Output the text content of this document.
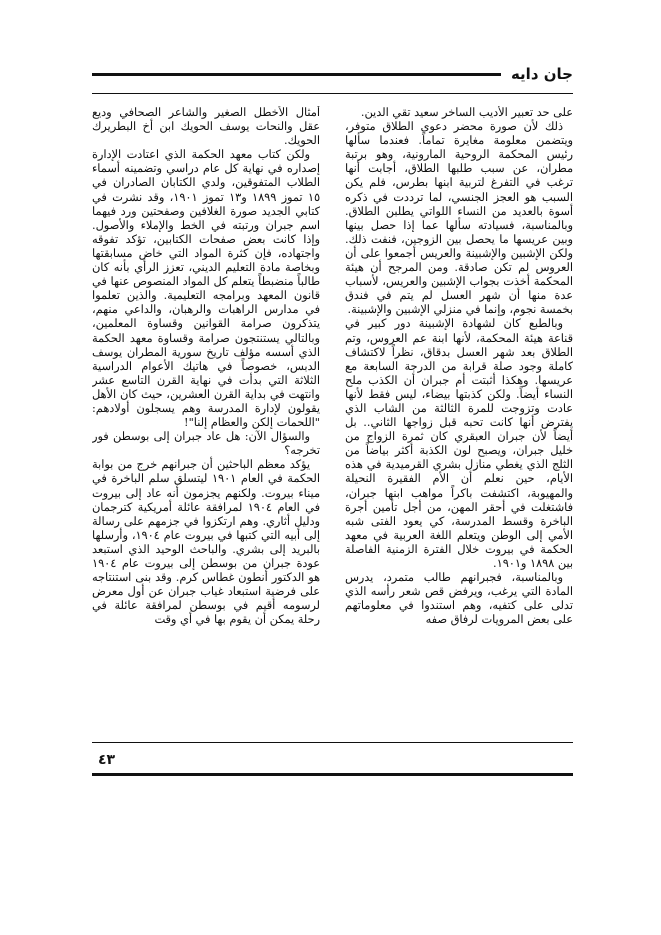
جان دايه

على حد تعبير الأديب الساخر سعيد تقي الدين.

ذلك لأن صورة محضر دعوى الطلاق متوفر، ويتضمن معلومة مغايرة تماماً. فعندما سألها رئيس المحكمة الروحية المارونية، وهو برتبة مطران، عن سبب طلبها الطلاق، أجابت أنها ترغب في التفرغ لتربية ابنها بطرس، فلم يكن السبب هو العجز الجنسي، لما ترددت في ذكره أسوة بالعديد من النساء اللواتي يطلبن الطلاق. وبالمناسبة، فسيادته سألها عما إذا حصل بينها وبين عريسها ما يحصل بين الزوجين، فنفت ذلك. ولكن الإشبين والإشبينة والعريس أجمعوا على أن العروس لم تكن صادقة. ومن المرجح أن هيئة المحكمة أخذت بجواب الإشبين والعريس، لأسباب عدة منها أن شهر العسل لم يتم في فندق بخمسة نجوم، وإنما في منزلي الإشبين والإشبينة.

وبالطبع كان لشهادة الإشبينة دور كبير في قناعة هيئة المحكمة، لأنها ابنة عم العروس، وتم الطلاق بعد شهر العسل بدقاق، نظراً لاكتشاف كاملة وجود صلة قرابة من الدرجة السابعة مع عريسها. وهكذا أثبتت أم جبران أن الكذب ملح النساء أيضاً. ولكن كذبتها بيضاء، ليس فقط لأنها عادت وتزوجت للمرة الثالثة من الشاب الذي يفترض أنها كانت تحبه قبل زواجها الثاني.. بل أيضاً لأن جبران العبقري كان ثمرة الزواج من خليل جبران، ويصبح لون الكذبة أكثر بياضاً من الثلج الذي يغطي منازل بشري القرميدية في هذه الأيام، حين نعلم أن الأم الفقيرة النحيلة والمهيوبة، اكتشفت باكراً مواهب ابنها جبران، فاشتغلت في أحقر المهن، من أجل تأمين أجرة الباخرة وقسط المدرسة، كي يعود الفتى شبه الأمي إلى الوطن ويتعلم اللغة العربية في معهد الحكمة في بيروت خلال الفترة الزمنية الفاصلة بين ١٨٩٨ و١٩٠١.

وبالمناسبة، فجبرانهم طالب متمرد، يدرس المادة التي يرغب، ويرفض قص شعر رأسه الذي تدلى على كتفيه، وهم استندوا في معلوماتهم على بعض المرويات لرفاق صفه

أمثال الأخطل الصغير والشاعر الصحافي وديع عقل والنحات يوسف الحويك ابن أخ البطريرك الحويك.

ولكن كتاب معهد الحكمة الذي اعتادت الإدارة إصداره في نهاية كل عام دراسي وتضمينه أسماء الطلاب المتفوقين، ولدي الكتابان الصادران في ١٥ تموز ١٨٩٩ و١٣ تموز ١٩٠١، وقد نشرت في كتابي الجديد صورة الغلافين وصفحتين ورد فيهما اسم جبران ورتبته في الخط والإملاء والأصول. وإذا كانت بعض صفحات الكتابين، تؤكد تفوقه واجتهاده، فإن كثرة المواد التي خاض مسابقتها وبخاصة مادة التعليم الديني، تعزز الرأي بأنه كان طالباً منضبطاً يتعلم كل المواد المنصوص عنها في قانون المعهد وبرامجه التعليمية. والذين تعلموا في مدارس الراهبات والرهبان، والداعي منهم، يتذكرون صرامة القوانين وقساوة المعلمين، وبالتالي يستنتجون صرامة وقساوة معهد الحكمة الذي أسسه مؤلف تاريخ سورية المطران يوسف الدبس، خصوصاً في هاتيك الأعوام الدراسية الثلاثة التي بدأت في نهاية القرن التاسع عشر وانتهت في بداية القرن العشرين، حيث كان الأهل يقولون لإدارة المدرسة وهم يسجلون أولادهم: "اللحمات إلكن والعظام إلنا"!

والسؤال الآن: هل عاد جبران إلى بوسطن فور تخرجه؟

يؤكد معظم الباحثين أن جبرانهم خرج من بوابة الحكمة في العام ١٩٠١ ليتسلق سلم الباخرة في ميناء بيروت. ولكنهم يجزمون أنه عاد إلى بيروت في العام ١٩٠٤ لمرافقة عائلة أمريكية كترجمان ودليل أثاري. وهم ارتكزوا في جزمهم على رسالة إلى أبيه التي كتبها في بيروت عام ١٩٠٤، وأرسلها بالبريد إلى بشري. والباحث الوحيد الذي استبعد عودة جبران من بوسطن إلى بيروت عام ١٩٠٤ هو الدكتور أنطون غطاس كرم. وقد بنى استنتاجه على فرضية استبعاد غياب جبران عن أول معرض لرسومه أقيم في بوسطن لمرافقة عائلة في رحلة يمكن أن يقوم بها في أي وقت

٤٣
